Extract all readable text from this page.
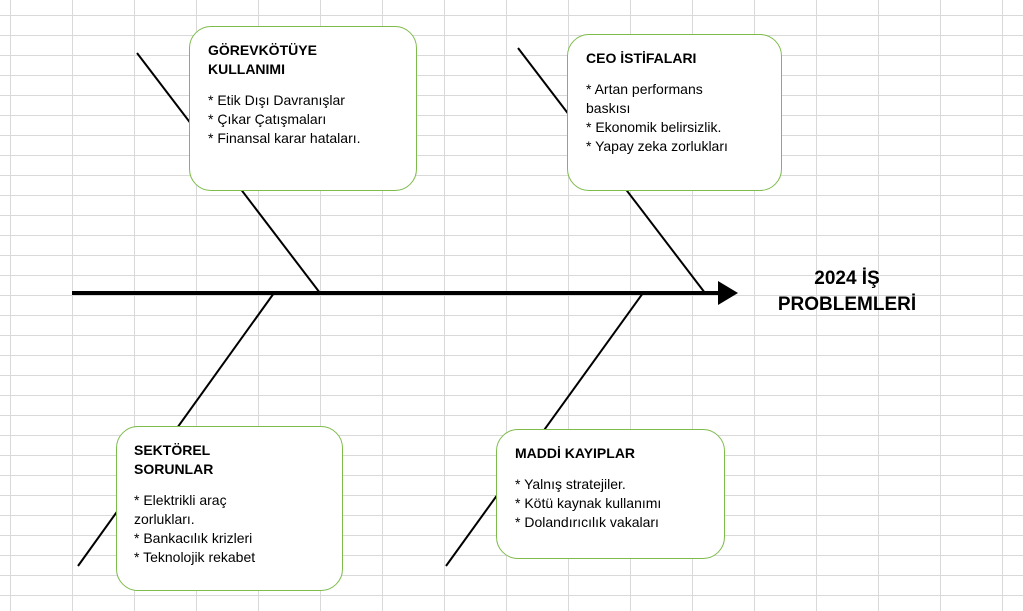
GÖREVKÖTÜYE
KULLANIMI
* Etik Dışı Davranışlar
* Çıkar Çatışmaları
* Finansal karar hataları.
CEO İSTİFALARI
* Artan performans
baskısı
* Ekonomik belirsizlik.
* Yapay zeka zorlukları
SEKTÖREL
SORUNLAR
* Elektrikli araç
zorlukları.
* Bankacılık krizleri
* Teknolojik rekabet
MADDİ KAYIPLAR
* Yalnış stratejiler.
* Kötü kaynak kullanımı
* Dolandırıcılık vakaları
2024 İŞ
PROBLEMLERİ
